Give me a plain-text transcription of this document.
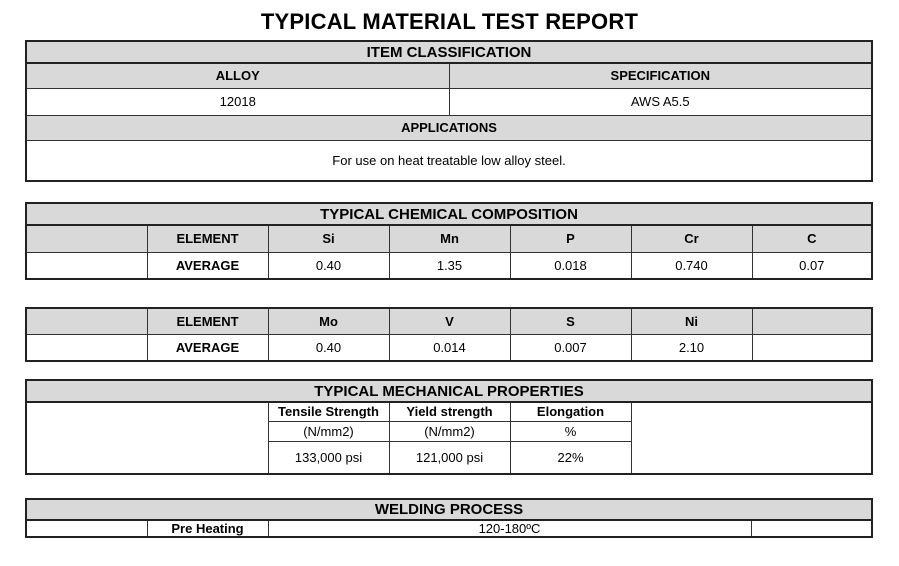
TYPICAL MATERIAL TEST REPORT
ITEM CLASSIFICATION	
ALLOY	SPECIFICATION
12018	AWS A5.5
APPLICATIONS	
For use on heat treatable low alloy steel.	
TYPICAL CHEMICAL COMPOSITION						
	ELEMENT	Si	Mn	P	Cr	C
	AVERAGE	0.40	1.35	0.018	0.740	0.07
	ELEMENT	Mo	V	S	Ni	
	AVERAGE	0.40	0.014	0.007	2.10	
TYPICAL MECHANICAL PROPERTIES				
	Tensile Strength	Yield strength	Elongation	
	(N/mm2)	(N/mm2)	%	
	133,000 psi	121,000 psi	22%	
WELDING PROCESS
	Pre Heating	120-180ºC	
